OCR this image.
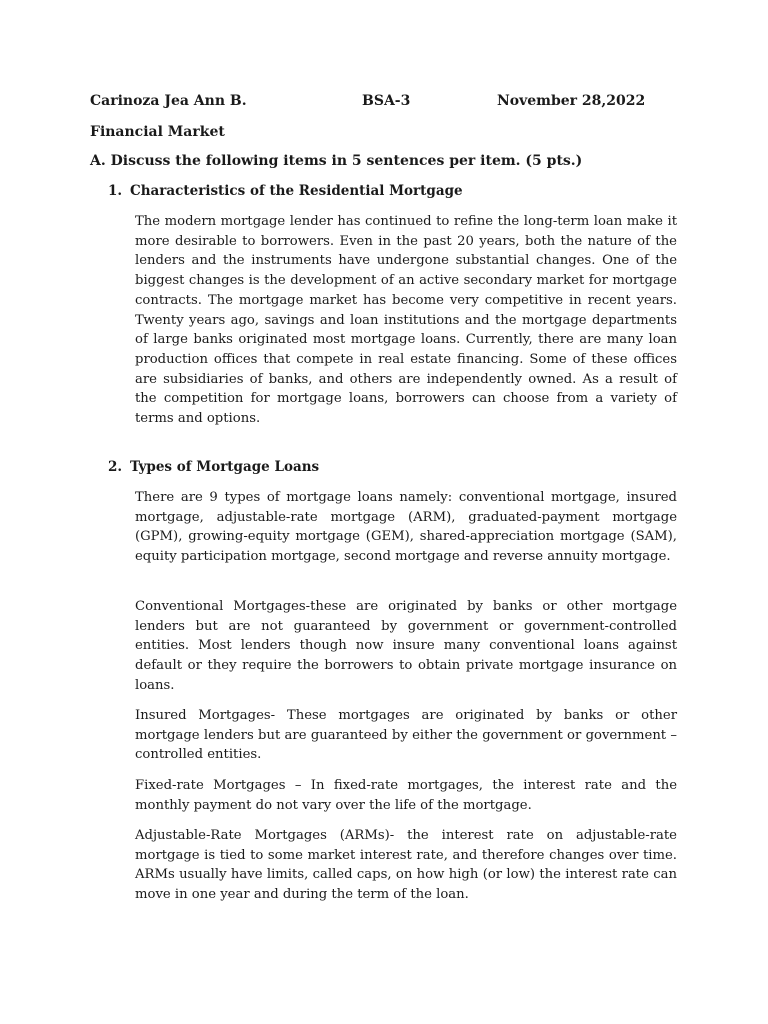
Carinoza Jea Ann B.	BSA-3	November 28,2022
Financial Market
A. Discuss the following items in 5 sentences per item. (5 pts.)
1. Characteristics of the Residential Mortgage

The modern mortgage lender has continued to refine the long-term loan make it more desirable to borrowers. Even in the past 20 years, both the nature of the lenders and the instruments have undergone substantial changes. One of the biggest changes is the development of an active secondary market for mortgage contracts. The mortgage market has become very competitive in recent years. Twenty years ago, savings and loan institutions and the mortgage departments of large banks originated most mortgage loans. Currently, there are many loan production offices that compete in real estate financing. Some of these offices are subsidiaries of banks, and others are independently owned. As a result of the competition for mortgage loans, borrowers can choose from a variety of terms and options.

2. Types of Mortgage Loans

There are 9 types of mortgage loans namely: conventional mortgage, insured mortgage, adjustable-rate mortgage (ARM), graduated-payment mortgage (GPM), growing-equity mortgage (GEM), shared-appreciation mortgage (SAM), equity participation mortgage, second mortgage and reverse annuity mortgage.

Conventional Mortgages-these are originated by banks or other mortgage lenders but are not guaranteed by government or government-controlled entities. Most lenders though now insure many conventional loans against default or they require the borrowers to obtain private mortgage insurance on loans.

Insured Mortgages- These mortgages are originated by banks or other mortgage lenders but are guaranteed by either the government or government – controlled entities.

Fixed-rate Mortgages – In fixed-rate mortgages, the interest rate and the monthly payment do not vary over the life of the mortgage.

Adjustable-Rate Mortgages (ARMs)- the interest rate on adjustable-rate mortgage is tied to some market interest rate, and therefore changes over time. ARMs usually have limits, called caps, on how high (or low) the interest rate can move in one year and during the term of the loan.
